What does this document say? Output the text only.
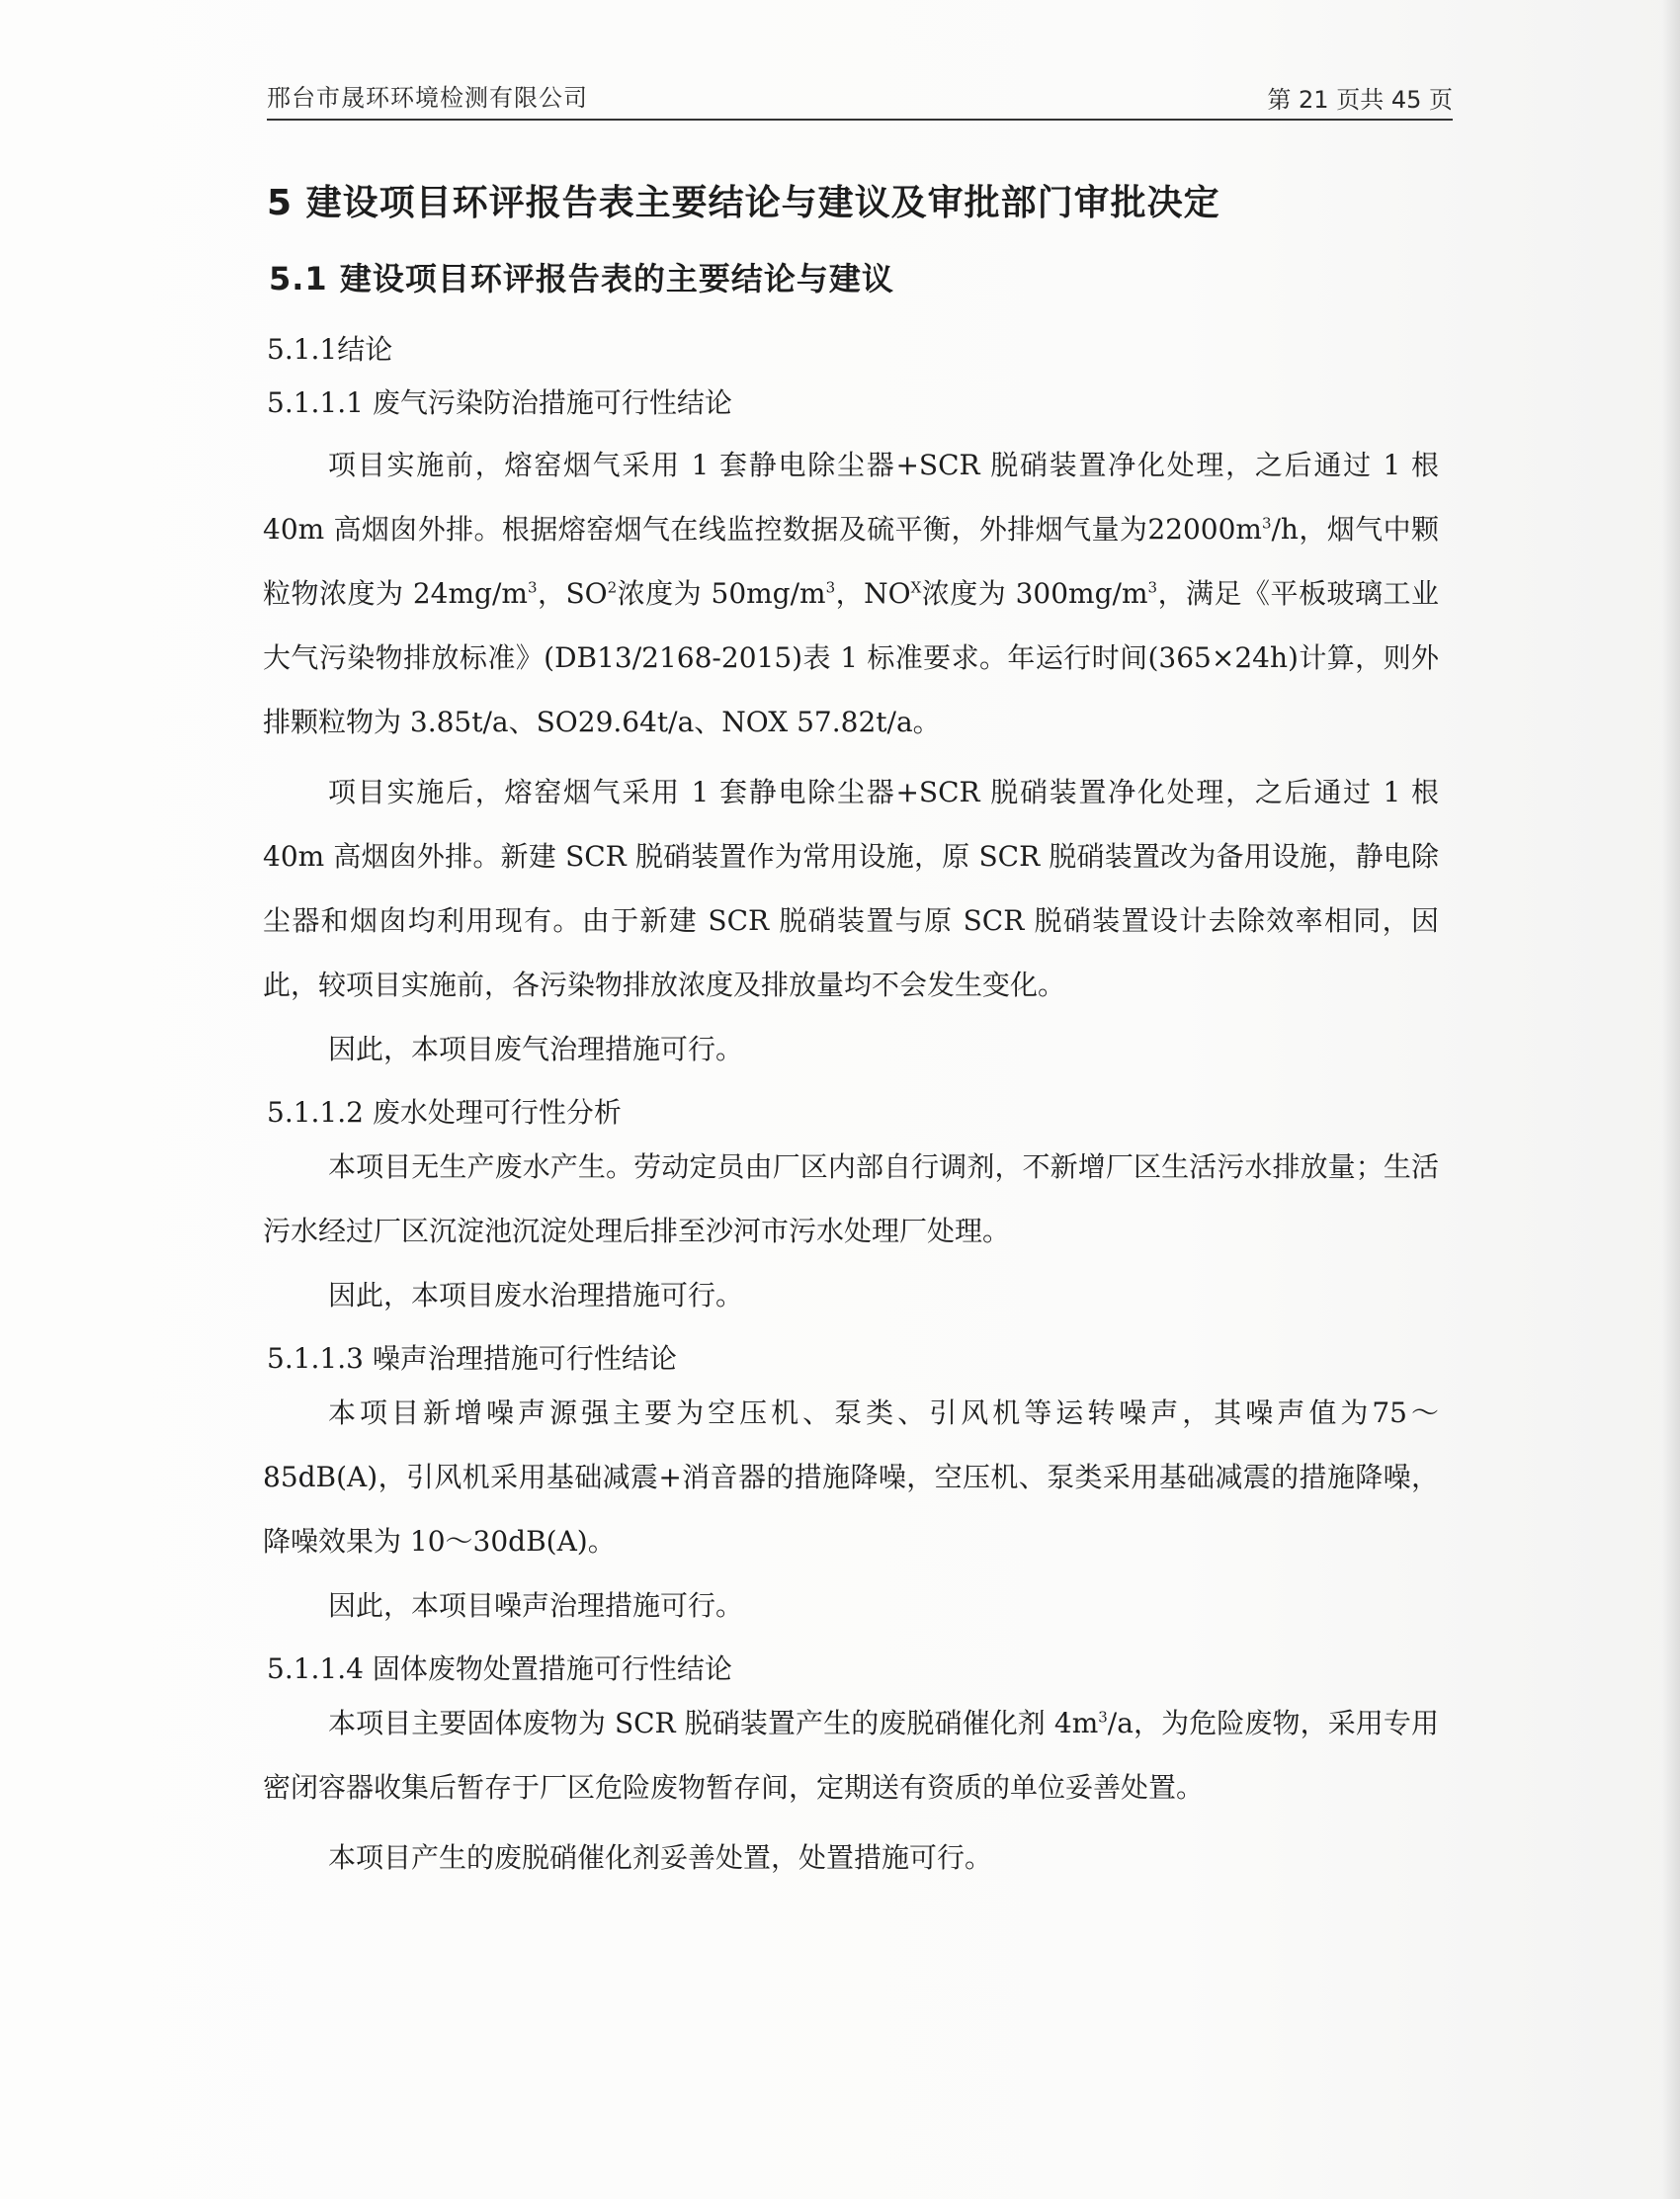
邢台市晟环环境检测有限公司	第 21 页共 45 页
5 建设项目环评报告表主要结论与建议及审批部门审批决定
5.1 建设项目环评报告表的主要结论与建议
5.1.1结论
5.1.1.1 废气污染防治措施可行性结论

项目实施前，熔窑烟气采用 1 套静电除尘器+SCR 脱硝装置净化处理，之后通过 1 根 40m 高烟囱外排。根据熔窑烟气在线监控数据及硫平衡，外排烟气量为$22000m^3/h$，烟气中颗粒物浓度为 $24mg/m^3$，$SO^2$浓度为 $50mg/m^3$，$NO^X$浓度为 $300mg/m^3$，满足《平板玻璃工业大气污染物排放标准》(DB13/2168-2015)表 1 标准要求。年运行时间(365×24h)计算，则外排颗粒物为 3.85t/a、SO29.64t/a、NOX 57.82t/a。

项目实施后，熔窑烟气采用 1 套静电除尘器+SCR 脱硝装置净化处理，之后通过 1 根 40m 高烟囱外排。新建 SCR 脱硝装置作为常用设施，原 SCR 脱硝装置改为备用设施，静电除尘器和烟囱均利用现有。由于新建 SCR 脱硝装置与原 SCR 脱硝装置设计去除效率相同，因此，较项目实施前，各污染物排放浓度及排放量均不会发生变化。

因此，本项目废气治理措施可行。

5.1.1.2 废水处理可行性分析

本项目无生产废水产生。劳动定员由厂区内部自行调剂，不新增厂区生活污水排放量；生活污水经过厂区沉淀池沉淀处理后排至沙河市污水处理厂处理。

因此，本项目废水治理措施可行。

5.1.1.3 噪声治理措施可行性结论

本项目新增噪声源强主要为空压机、泵类、引风机等运转噪声，其噪声值为75～85dB(A)，引风机采用基础减震+消音器的措施降噪，空压机、泵类采用基础减震的措施降噪，降噪效果为 10～30dB(A)。

因此，本项目噪声治理措施可行。

5.1.1.4 固体废物处置措施可行性结论

本项目主要固体废物为 SCR 脱硝装置产生的废脱硝催化剂 $4m^3/a$，为危险废物，采用专用密闭容器收集后暂存于厂区危险废物暂存间，定期送有资质的单位妥善处置。

本项目产生的废脱硝催化剂妥善处置，处置措施可行。
